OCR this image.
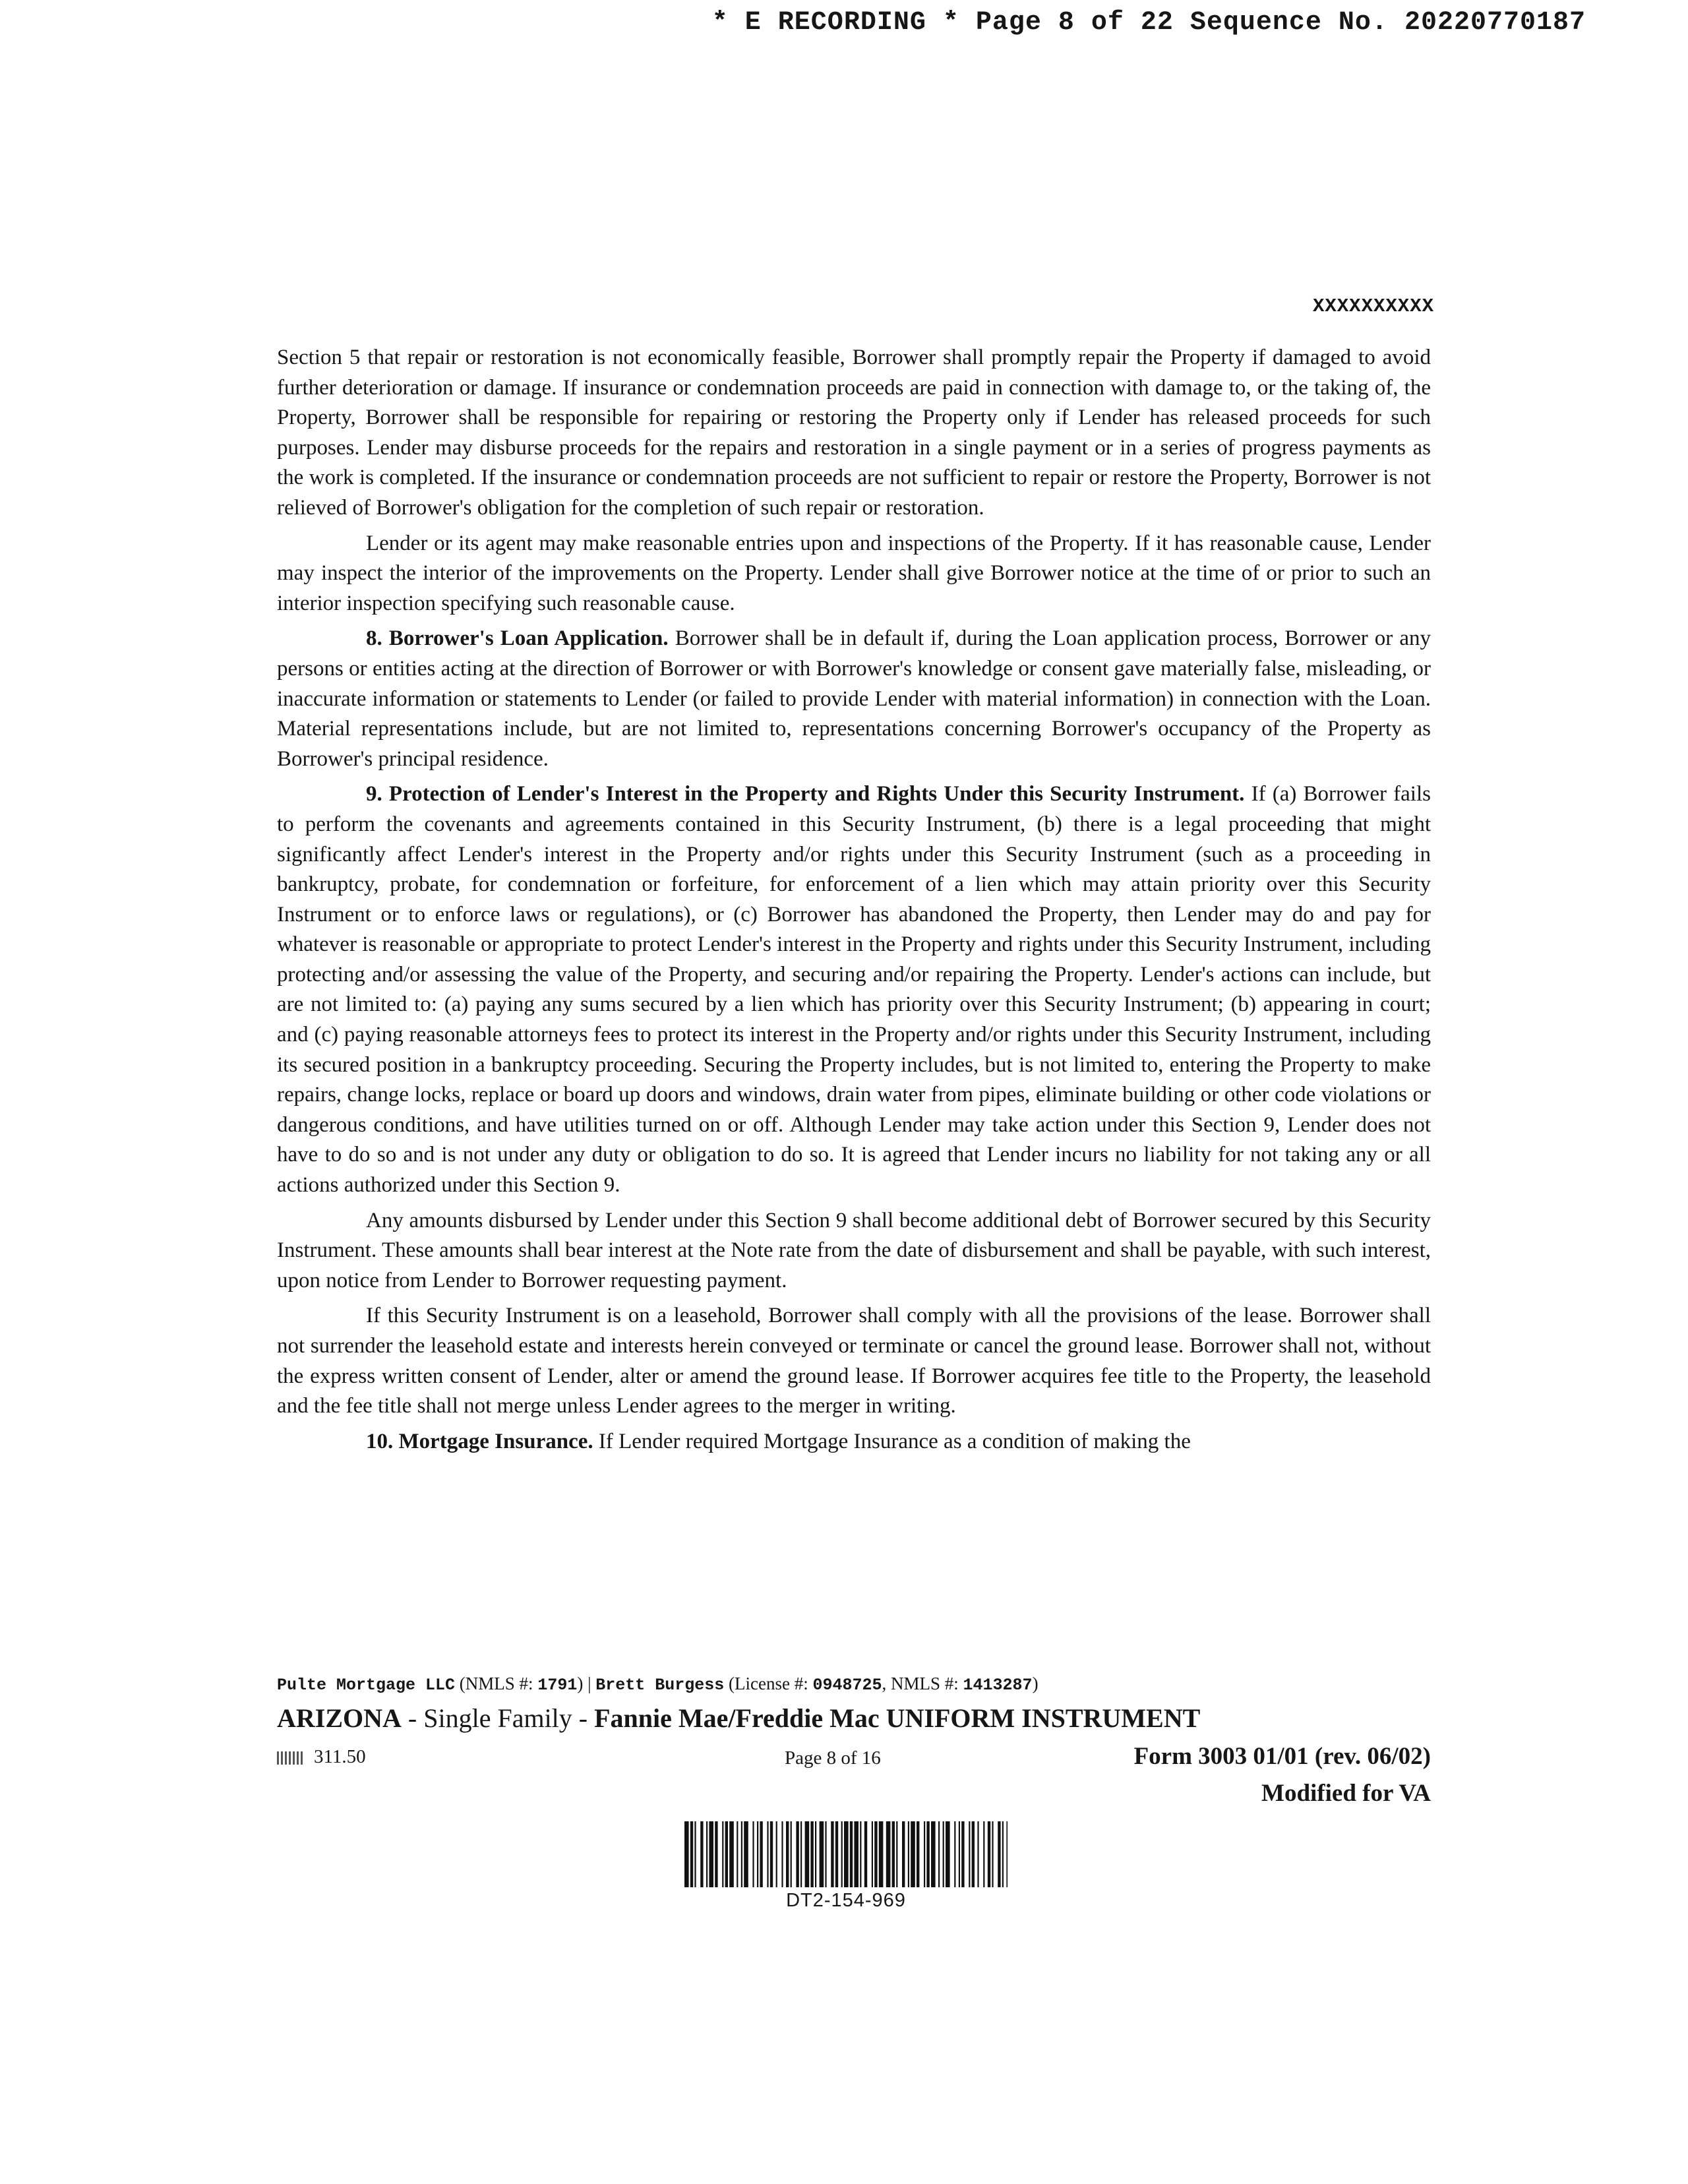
* E RECORDING * Page 8 of 22 Sequence No. 20220770187
XXXXXXXXXX

Section 5 that repair or restoration is not economically feasible, Borrower shall promptly repair the Property if damaged to avoid further deterioration or damage. If insurance or condemnation proceeds are paid in connection with damage to, or the taking of, the Property, Borrower shall be responsible for repairing or restoring the Property only if Lender has released proceeds for such purposes. Lender may disburse proceeds for the repairs and restoration in a single payment or in a series of progress payments as the work is completed. If the insurance or condemnation proceeds are not sufficient to repair or restore the Property, Borrower is not relieved of Borrower's obligation for the completion of such repair or restoration.

Lender or its agent may make reasonable entries upon and inspections of the Property. If it has reasonable cause, Lender may inspect the interior of the improvements on the Property. Lender shall give Borrower notice at the time of or prior to such an interior inspection specifying such reasonable cause.

8. Borrower's Loan Application. Borrower shall be in default if, during the Loan application process, Borrower or any persons or entities acting at the direction of Borrower or with Borrower's knowledge or consent gave materially false, misleading, or inaccurate information or statements to Lender (or failed to provide Lender with material information) in connection with the Loan. Material representations include, but are not limited to, representations concerning Borrower's occupancy of the Property as Borrower's principal residence.

9. Protection of Lender's Interest in the Property and Rights Under this Security Instrument. If (a) Borrower fails to perform the covenants and agreements contained in this Security Instrument, (b) there is a legal proceeding that might significantly affect Lender's interest in the Property and/or rights under this Security Instrument (such as a proceeding in bankruptcy, probate, for condemnation or forfeiture, for enforcement of a lien which may attain priority over this Security Instrument or to enforce laws or regulations), or (c) Borrower has abandoned the Property, then Lender may do and pay for whatever is reasonable or appropriate to protect Lender's interest in the Property and rights under this Security Instrument, including protecting and/or assessing the value of the Property, and securing and/or repairing the Property. Lender's actions can include, but are not limited to: (a) paying any sums secured by a lien which has priority over this Security Instrument; (b) appearing in court; and (c) paying reasonable attorneys fees to protect its interest in the Property and/or rights under this Security Instrument, including its secured position in a bankruptcy proceeding. Securing the Property includes, but is not limited to, entering the Property to make repairs, change locks, replace or board up doors and windows, drain water from pipes, eliminate building or other code violations or dangerous conditions, and have utilities turned on or off. Although Lender may take action under this Section 9, Lender does not have to do so and is not under any duty or obligation to do so. It is agreed that Lender incurs no liability for not taking any or all actions authorized under this Section 9.

Any amounts disbursed by Lender under this Section 9 shall become additional debt of Borrower secured by this Security Instrument. These amounts shall bear interest at the Note rate from the date of disbursement and shall be payable, with such interest, upon notice from Lender to Borrower requesting payment.

If this Security Instrument is on a leasehold, Borrower shall comply with all the provisions of the lease. Borrower shall not surrender the leasehold estate and interests herein conveyed or terminate or cancel the ground lease. Borrower shall not, without the express written consent of Lender, alter or amend the ground lease. If Borrower acquires fee title to the Property, the leasehold and the fee title shall not merge unless Lender agrees to the merger in writing.

10. Mortgage Insurance. If Lender required Mortgage Insurance as a condition of making the

Pulte Mortgage LLC (NMLS #: 1791) | Brett Burgess (License #: 0948725, NMLS #: 1413287)
ARIZONA - Single Family - Fannie Mae/Freddie Mac UNIFORM INSTRUMENT
311.50	Page 8 of 16	Form 3003 01/01 (rev. 06/02)
Modified for VA
DT2-154-969
